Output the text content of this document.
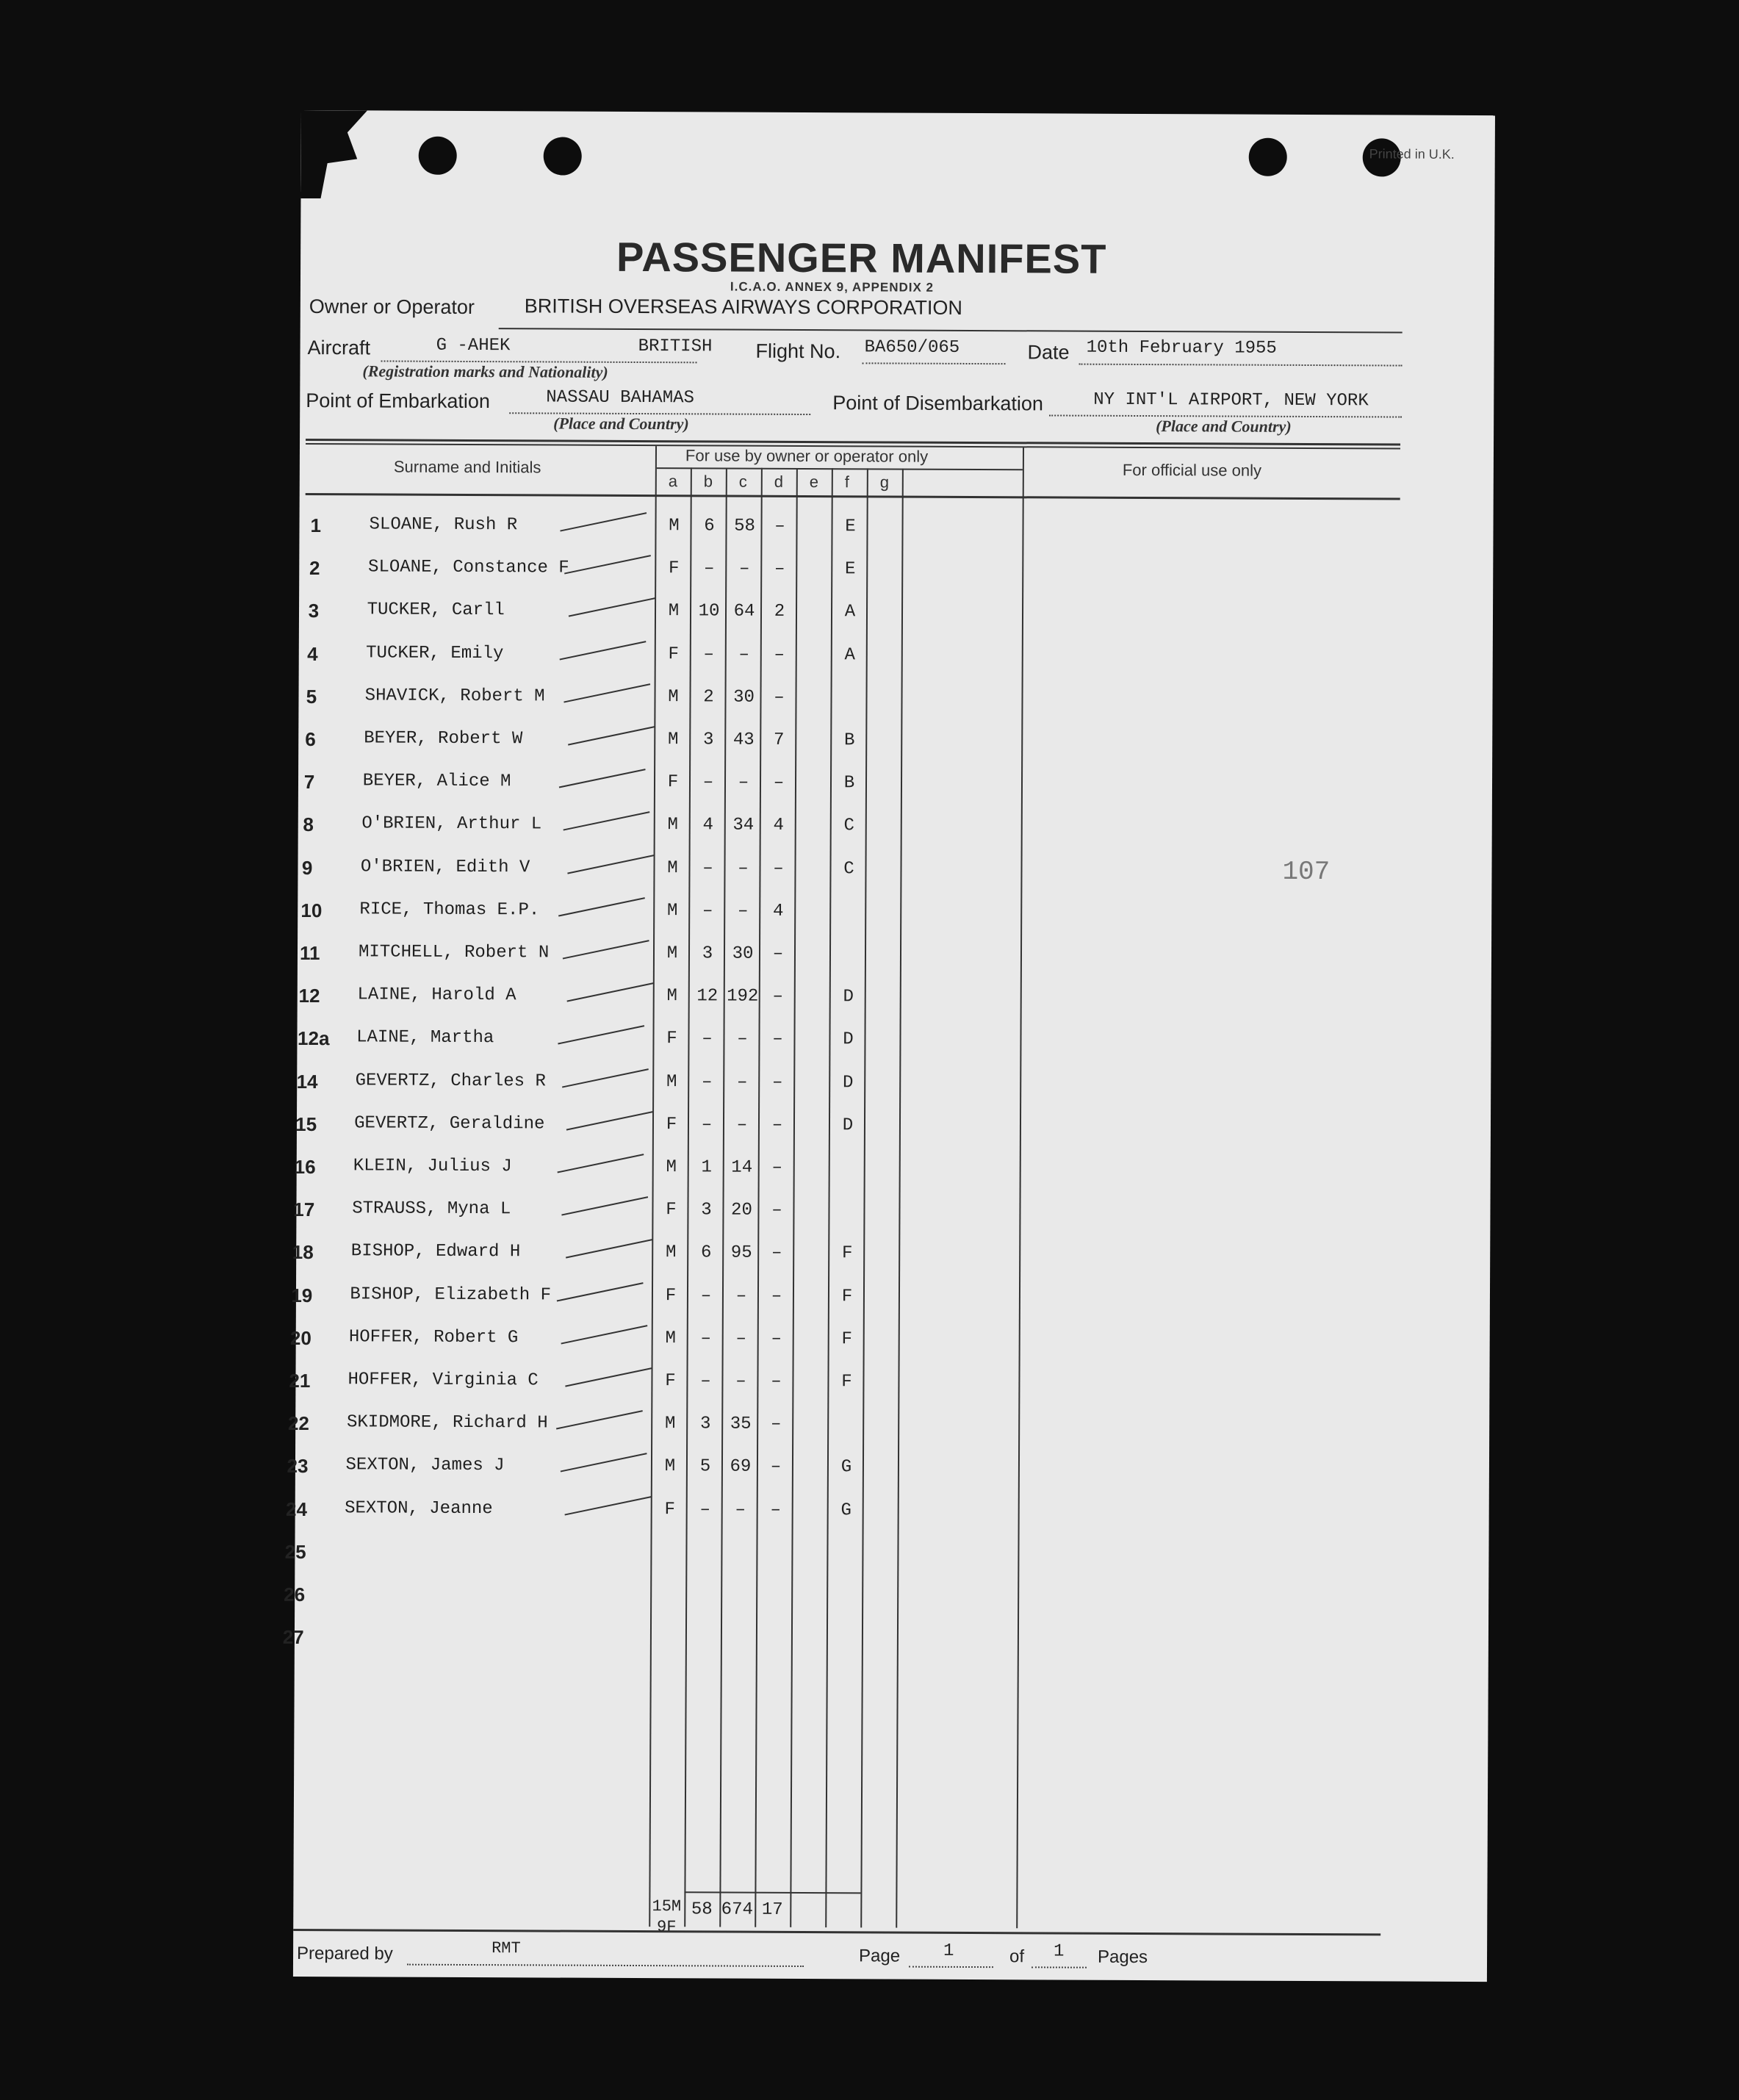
Printed in U.K.
PASSENGER MANIFEST
I.C.A.O. ANNEX 9, APPENDIX 2
Owner or Operator	BRITISH OVERSEAS AIRWAYS CORPORATION
Aircraft	G -AHEK	BRITISH Flight No. BA650/065	Date 10th February 1955
(Registration marks and Nationality)
Point of Embarkation	NASSAU BAHAMAS	Point of Disembarkation	NY INT'L AIRPORT, NEW YORK
(Place and Country)	(Place and Country)
Surname and Initials
For use by owner or operator only
For official use only
a b c d e f g
1	SLOANE, Rush R	M	6	58	–	E
2	SLOANE, Constance F	F	–	–	–	E
3	TUCKER, Carll	M	10 64	2	A
4	TUCKER, Emily	F	–	–	–	A
5	SHAVICK, Robert M	M	2	30	–
6	BEYER, Robert W	M	3	43	7	B
7	BEYER, Alice M	F	–	–	–	B
8	O'BRIEN, Arthur L	M	4	34	4	C
9	O'BRIEN, Edith V	M	–	–	–	C
10	RICE, Thomas E.P.	M	–	–	4
11	MITCHELL, Robert N	M	3	30	–
12	LAINE, Harold A	M	12 192 –	D
12a LAINE, Martha	F	–	–	–	D
14	GEVERTZ, Charles R	M	–	–	–	D
15	GEVERTZ, Geraldine	F	–	–	–	D
16	KLEIN, Julius J	M	1	14	–
17	STRAUSS, Myna L	F	3	20	–
18	BISHOP, Edward H	M	6	95	–	F
19	BISHOP, Elizabeth F	F	–	–	–	F
20	HOFFER, Robert G	M	–	–	–	F
21	HOFFER, Virginia C	F	–	–	–	F
22	SKIDMORE, Richard H	M	3	35	–
23	SEXTON, James J	M	5	69	–	G
24	SEXTON, Jeanne	F	–	–	–	G
25
26
27
15M
9F
58 674 17
Prepared by	RMT	Page 1	of 1 Pages
107
